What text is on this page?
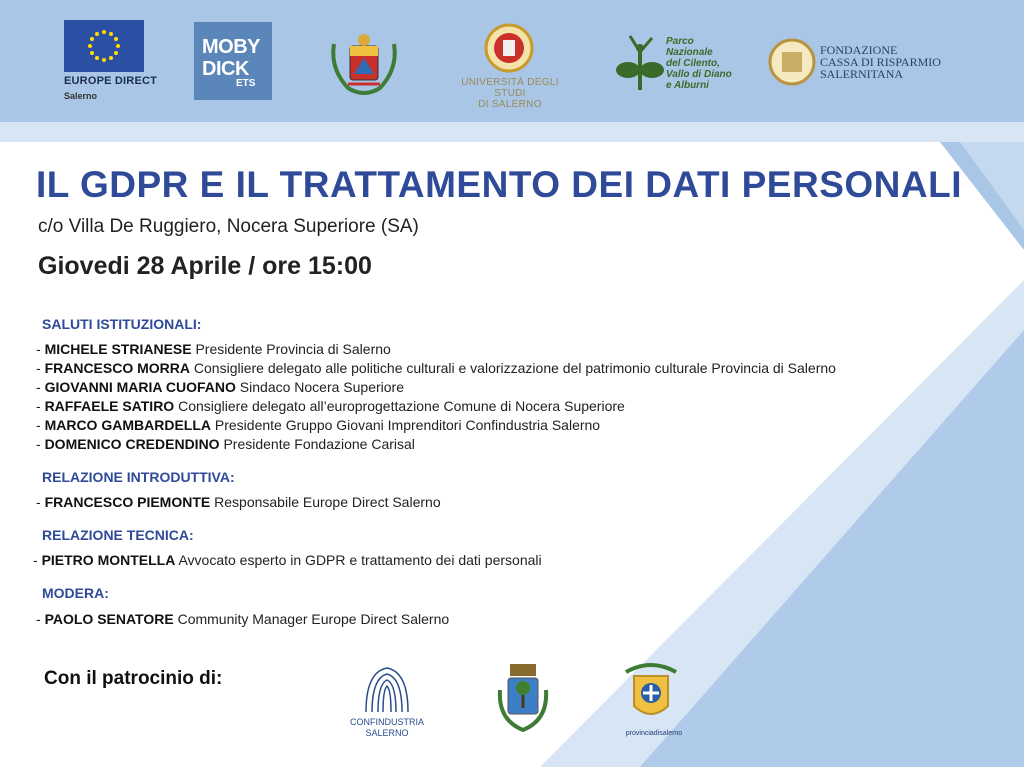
EUROPE DIRECT
Salerno
MOBY
DICK
ETS	UNIVERSITÀ DEGLI STUDI
DI SALERNO
Parco Nazionale
del Cilento,
Vallo di Diano
e Alburni
FONDAZIONE
CASSA DI RISPARMIO
SALERNITANA
IL GDPR E IL TRATTAMENTO DEI DATI PERSONALI
c/o Villa De Ruggiero, Nocera Superiore (SA)
Giovedi 28 Aprile / ore 15:00
SALUTI ISTITUZIONALI:
- MICHELE STRIANESE Presidente Provincia di Salerno
- FRANCESCO MORRA Consigliere delegato alle politiche culturali e valorizzazione del patrimonio culturale Provincia di Salerno
- GIOVANNI MARIA CUOFANO Sindaco Nocera Superiore
- RAFFAELE SATIRO Consigliere delegato all’europrogettazione Comune di Nocera Superiore
- MARCO GAMBARDELLA Presidente Gruppo Giovani Imprenditori Confindustria Salerno
- DOMENICO CREDENDINO Presidente Fondazione Carisal
RELAZIONE INTRODUTTIVA:
- FRANCESCO PIEMONTE Responsabile Europe Direct Salerno
RELAZIONE TECNICA:
- PIETRO MONTELLA Avvocato esperto in GDPR e trattamento dei dati personali
MODERA:
- PAOLO SENATORE Community Manager Europe Direct Salerno
Con il patrocinio di:
CONFINDUSTRIA
SALERNO	provinciadisalerno
